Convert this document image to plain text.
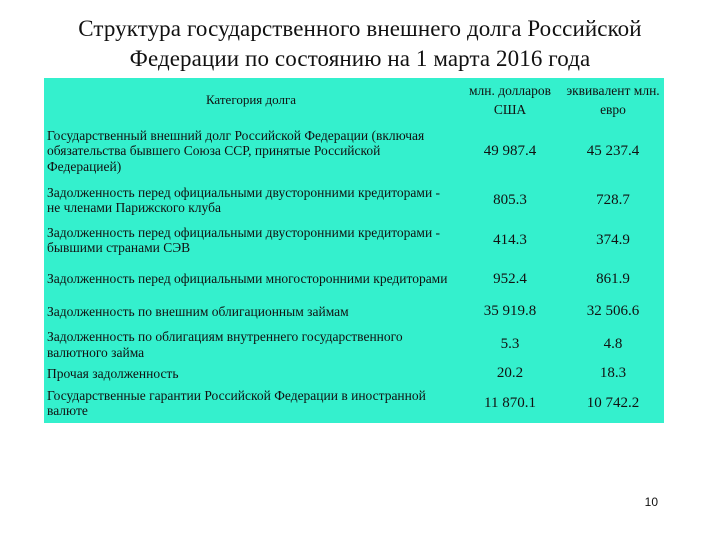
Структура государственного внешнего долга Российской
Федерации по состоянию на 1 марта 2016 года
Категория долга	млн. долларов США	эквивалент млн. евро
Государственный внешний долг Российской Федерации (включая обязательства бывшего Союза ССР, принятые Российской Федерацией)	49 987.4	45 237.4
Задолженность перед официальными двусторонними кредиторами - не членами Парижского клуба	805.3	728.7
Задолженность перед официальными двусторонними кредиторами - бывшими странами СЭВ	414.3	374.9
Задолженность перед официальными многосторонними кредиторами	952.4	861.9
Задолженность по внешним облигационным займам	35 919.8	32 506.6
Задолженность по облигациям внутреннего государственного валютного займа	5.3	4.8
Прочая задолженность	20.2	18.3
Государственные гарантии Российской Федерации в иностранной валюте	11 870.1	10 742.2
10
